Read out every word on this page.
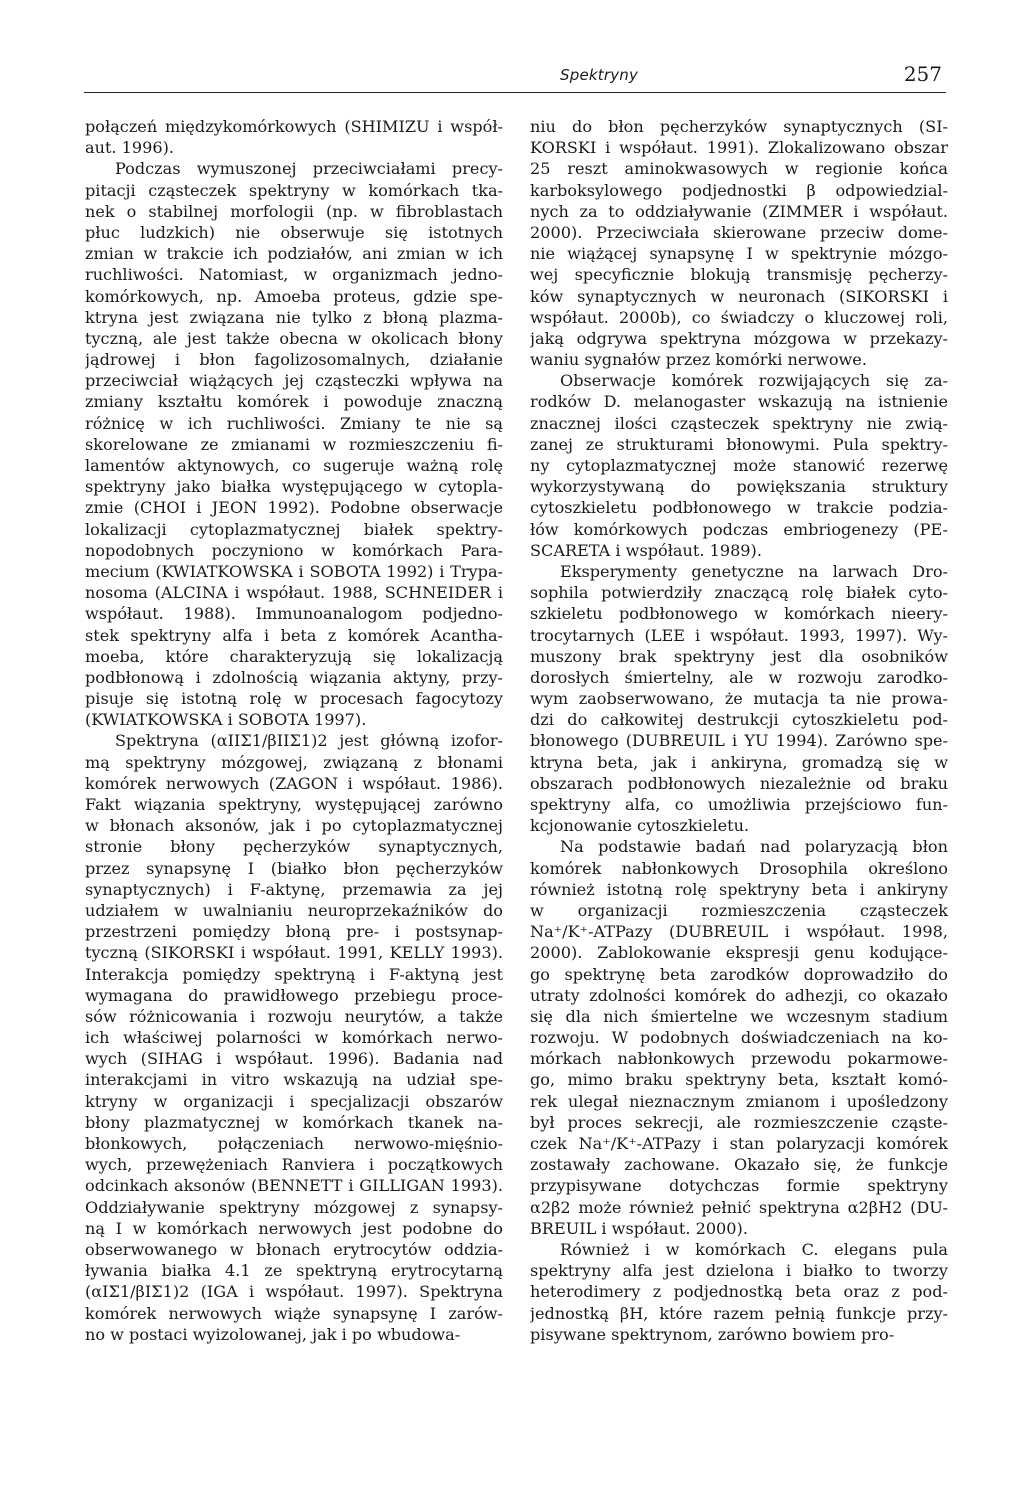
Spektryny	257
połączeń międzykomórkowych (SHIMIZU i współ-
aut. 1996).
Podczas wymuszonej przeciwciałami precy-
pitacji cząsteczek spektryny w komórkach tka-
nek o stabilnej morfologii (np. w fibroblastach
płuc ludzkich) nie obserwuje się istotnych
zmian w trakcie ich podziałów, ani zmian w ich
ruchliwości. Natomiast, w organizmach jedno-
komórkowych, np. Amoeba proteus, gdzie spe-
ktryna jest związana nie tylko z błoną plazma-
tyczną, ale jest także obecna w okolicach błony
jądrowej i błon fagolizosomalnych, działanie
przeciwciał wiążących jej cząsteczki wpływa na
zmiany kształtu komórek i powoduje znaczną
różnicę w ich ruchliwości. Zmiany te nie są
skorelowane ze zmianami w rozmieszczeniu fi-
lamentów aktynowych, co sugeruje ważną rolę
spektryny jako białka występującego w cytopla-
zmie (CHOI i JEON 1992). Podobne obserwacje
lokalizacji cytoplazmatycznej białek spektry-
nopodobnych poczyniono w komórkach Para-
mecium (KWIATKOWSKA i SOBOTA 1992) i Trypa-
nosoma (ALCINA i współaut. 1988, SCHNEIDER i
współaut. 1988). Immunoanalogom podjedno-
stek spektryny alfa i beta z komórek Acantha-
moeba, które charakteryzują się lokalizacją
podbłonową i zdolnością wiązania aktyny, przy-
pisuje się istotną rolę w procesach fagocytozy
(KWIATKOWSKA i SOBOTA 1997).
Spektryna (αIIΣ1/βIIΣ1)2 jest główną izofor-
mą spektryny mózgowej, związaną z błonami
komórek nerwowych (ZAGON i współaut. 1986).
Fakt wiązania spektryny, występującej zarówno
w błonach aksonów, jak i po cytoplazmatycznej
stronie błony pęcherzyków synaptycznych,
przez synapsynę I (białko błon pęcherzyków
synaptycznych) i F-aktynę, przemawia za jej
udziałem w uwalnianiu neuroprzekaźników do
przestrzeni pomiędzy błoną pre- i postsynap-
tyczną (SIKORSKI i współaut. 1991, KELLY 1993).
Interakcja pomiędzy spektryną i F-aktyną jest
wymagana do prawidłowego przebiegu proce-
sów różnicowania i rozwoju neurytów, a także
ich właściwej polarności w komórkach nerwo-
wych (SIHAG i współaut. 1996). Badania nad
interakcjami in vitro wskazują na udział spe-
ktryny w organizacji i specjalizacji obszarów
błony plazmatycznej w komórkach tkanek na-
błonkowych, połączeniach nerwowo-mięśnio-
wych, przewężeniach Ranviera i początkowych
odcinkach aksonów (BENNETT i GILLIGAN 1993).
Oddziaływanie spektryny mózgowej z synapsy-
ną I w komórkach nerwowych jest podobne do
obserwowanego w błonach erytrocytów oddzia-
ływania białka 4.1 ze spektryną erytrocytarną
(αIΣ1/βIΣ1)2 (IGA i współaut. 1997). Spektryna
komórek nerwowych wiąże synapsynę I zarów-
no w postaci wyizolowanej, jak i po wbudowa-
niu do błon pęcherzyków synaptycznych (SI-
KORSKI i współaut. 1991). Zlokalizowano obszar
25 reszt aminokwasowych w regionie końca
karboksylowego podjednostki β odpowiedzial-
nych za to oddziaływanie (ZIMMER i współaut.
2000). Przeciwciała skierowane przeciw dome-
nie wiążącej synapsynę I w spektrynie mózgo-
wej specyficznie blokują transmisję pęcherzy-
ków synaptycznych w neuronach (SIKORSKI i
współaut. 2000b), co świadczy o kluczowej roli,
jaką odgrywa spektryna mózgowa w przekazy-
waniu sygnałów przez komórki nerwowe.
Obserwacje komórek rozwijających się za-
rodków D. melanogaster wskazują na istnienie
znacznej ilości cząsteczek spektryny nie zwią-
zanej ze strukturami błonowymi. Pula spektry-
ny cytoplazmatycznej może stanowić rezerwę
wykorzystywaną do powiększania struktury
cytoszkieletu podbłonowego w trakcie podzia-
łów komórkowych podczas embriogenezy (PE-
SCARETA i współaut. 1989).
Eksperymenty genetyczne na larwach Dro-
sophila potwierdziły znaczącą rolę białek cyto-
szkieletu podbłonowego w komórkach nieery-
trocytarnych (LEE i współaut. 1993, 1997). Wy-
muszony brak spektryny jest dla osobników
dorosłych śmiertelny, ale w rozwoju zarodko-
wym zaobserwowano, że mutacja ta nie prowa-
dzi do całkowitej destrukcji cytoszkieletu pod-
błonowego (DUBREUIL i YU 1994). Zarówno spe-
ktryna beta, jak i ankiryna, gromadzą się w
obszarach podbłonowych niezależnie od braku
spektryny alfa, co umożliwia przejściowo fun-
kcjonowanie cytoszkieletu.
Na podstawie badań nad polaryzacją błon
komórek nabłonkowych Drosophila określono
również istotną rolę spektryny beta i ankiryny
w organizacji rozmieszczenia cząsteczek
Na⁺/K⁺-ATPazy (DUBREUIL i współaut. 1998,
2000). Zablokowanie ekspresji genu kodujące-
go spektrynę beta zarodków doprowadziło do
utraty zdolności komórek do adhezji, co okazało
się dla nich śmiertelne we wczesnym stadium
rozwoju. W podobnych doświadczeniach na ko-
mórkach nabłonkowych przewodu pokarmowe-
go, mimo braku spektryny beta, kształt komó-
rek ulegał nieznacznym zmianom i upośledzony
był proces sekrecji, ale rozmieszczenie cząste-
czek Na⁺/K⁺-ATPazy i stan polaryzacji komórek
zostawały zachowane. Okazało się, że funkcje
przypisywane dotychczas formie spektryny
α2β2 może również pełnić spektryna α2βH2 (DU-
BREUIL i współaut. 2000).
Również i w komórkach C. elegans pula
spektryny alfa jest dzielona i białko to tworzy
heterodimery z podjednostką beta oraz z pod-
jednostką βH, które razem pełnią funkcje przy-
pisywane spektrynom, zarówno bowiem pro-
